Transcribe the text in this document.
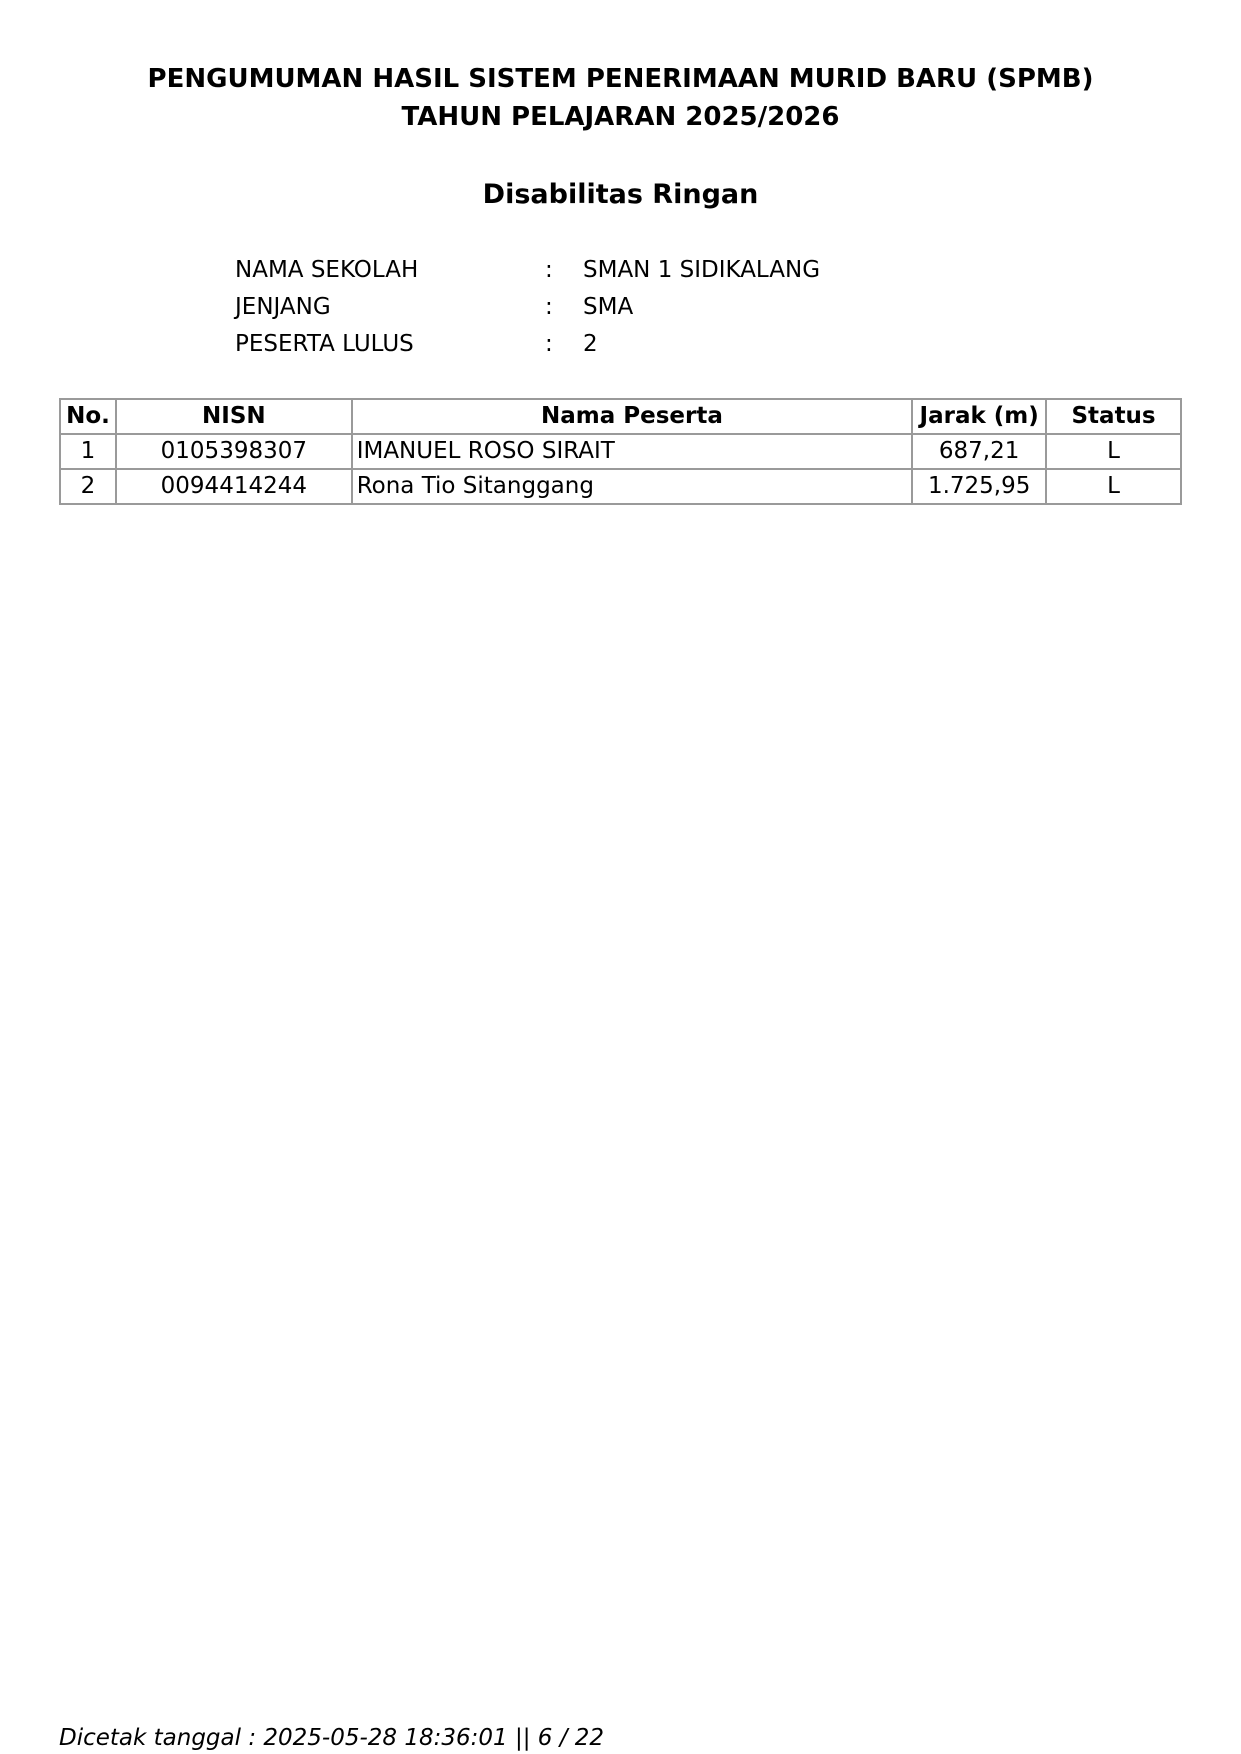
PENGUMUMAN HASIL SISTEM PENERIMAAN MURID BARU (SPMB)
TAHUN PELAJARAN 2025/2026
Disabilitas Ringan
NAMA SEKOLAH	:	SMAN 1 SIDIKALANG
JENJANG	:	SMA
PESERTA LULUS	:	2
No.	NISN	Nama Peserta	Jarak (m)	Status
1	0105398307	IMANUEL ROSO SIRAIT	687,21	L
2	0094414244	Rona Tio Sitanggang	1.725,95	L
Dicetak tanggal : 2025-05-28 18:36:01 || 6 / 22
